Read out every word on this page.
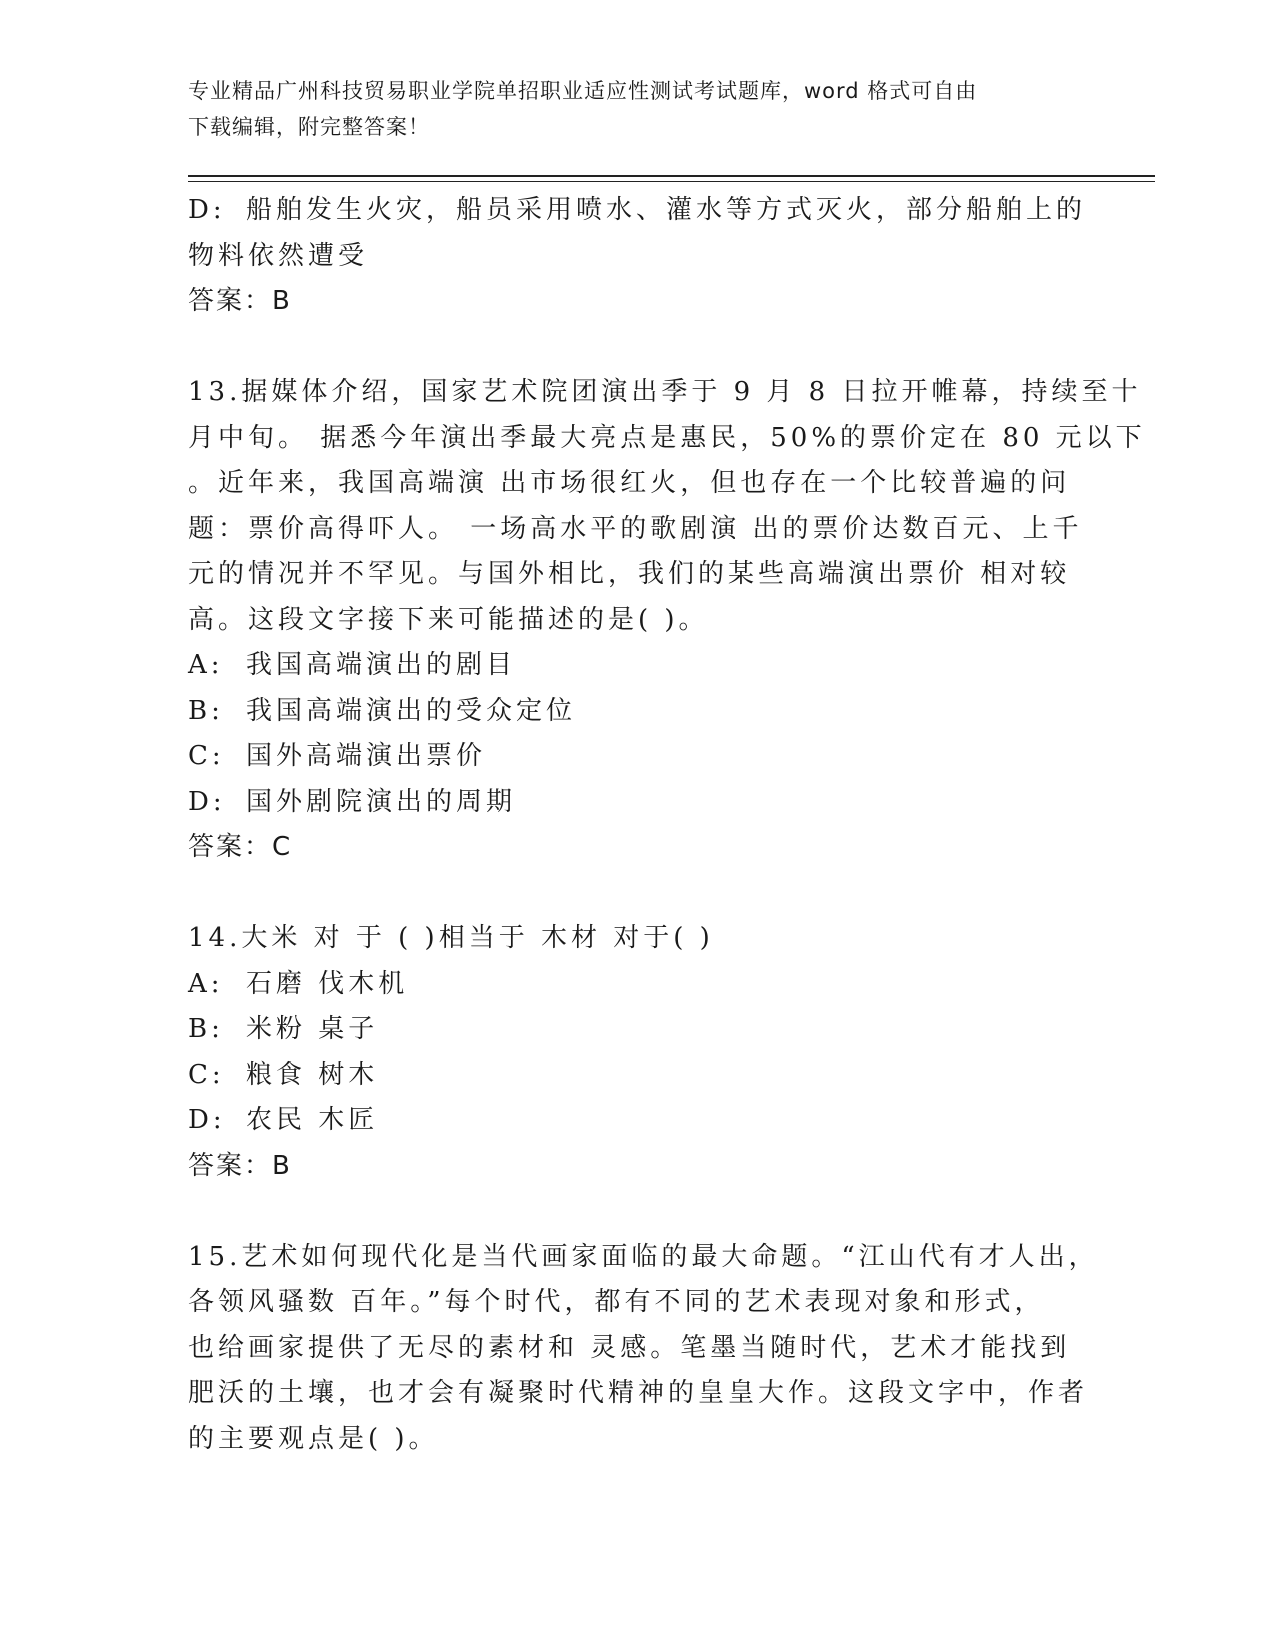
专业精品广州科技贸易职业学院单招职业适应性测试考试题库，word 格式可自由
下载编辑，附完整答案！
D: 船舶发生火灾，船员采用喷水、灌水等方式灭火，部分船舶上的
物料依然遭受
答案：B
13.据媒体介绍，国家艺术院团演出季于 9 月 8 日拉开帷幕，持续至十
月中旬。 据悉今年演出季最大亮点是惠民，50%的票价定在 80 元以下
。近年来，我国高端演 出市场很红火，但也存在一个比较普遍的问
题：票价高得吓人。 一场高水平的歌剧演 出的票价达数百元、上千
元的情况并不罕见。与国外相比，我们的某些高端演出票价 相对较
高。这段文字接下来可能描述的是( )。
A: 我国高端演出的剧目
B: 我国高端演出的受众定位
C: 国外高端演出票价
D: 国外剧院演出的周期
答案：C
14.大米 对 于 ( )相当于 木材 对于( )
A: 石磨 伐木机
B: 米粉 桌子
C: 粮食 树木
D: 农民 木匠
答案：B
15.艺术如何现代化是当代画家面临的最大命题。“江山代有才人出，
各领风骚数 百年。”每个时代，都有不同的艺术表现对象和形式，
也给画家提供了无尽的素材和 灵感。笔墨当随时代，艺术才能找到
肥沃的土壤，也才会有凝聚时代精神的皇皇大作。这段文字中，作者
的主要观点是( )。
